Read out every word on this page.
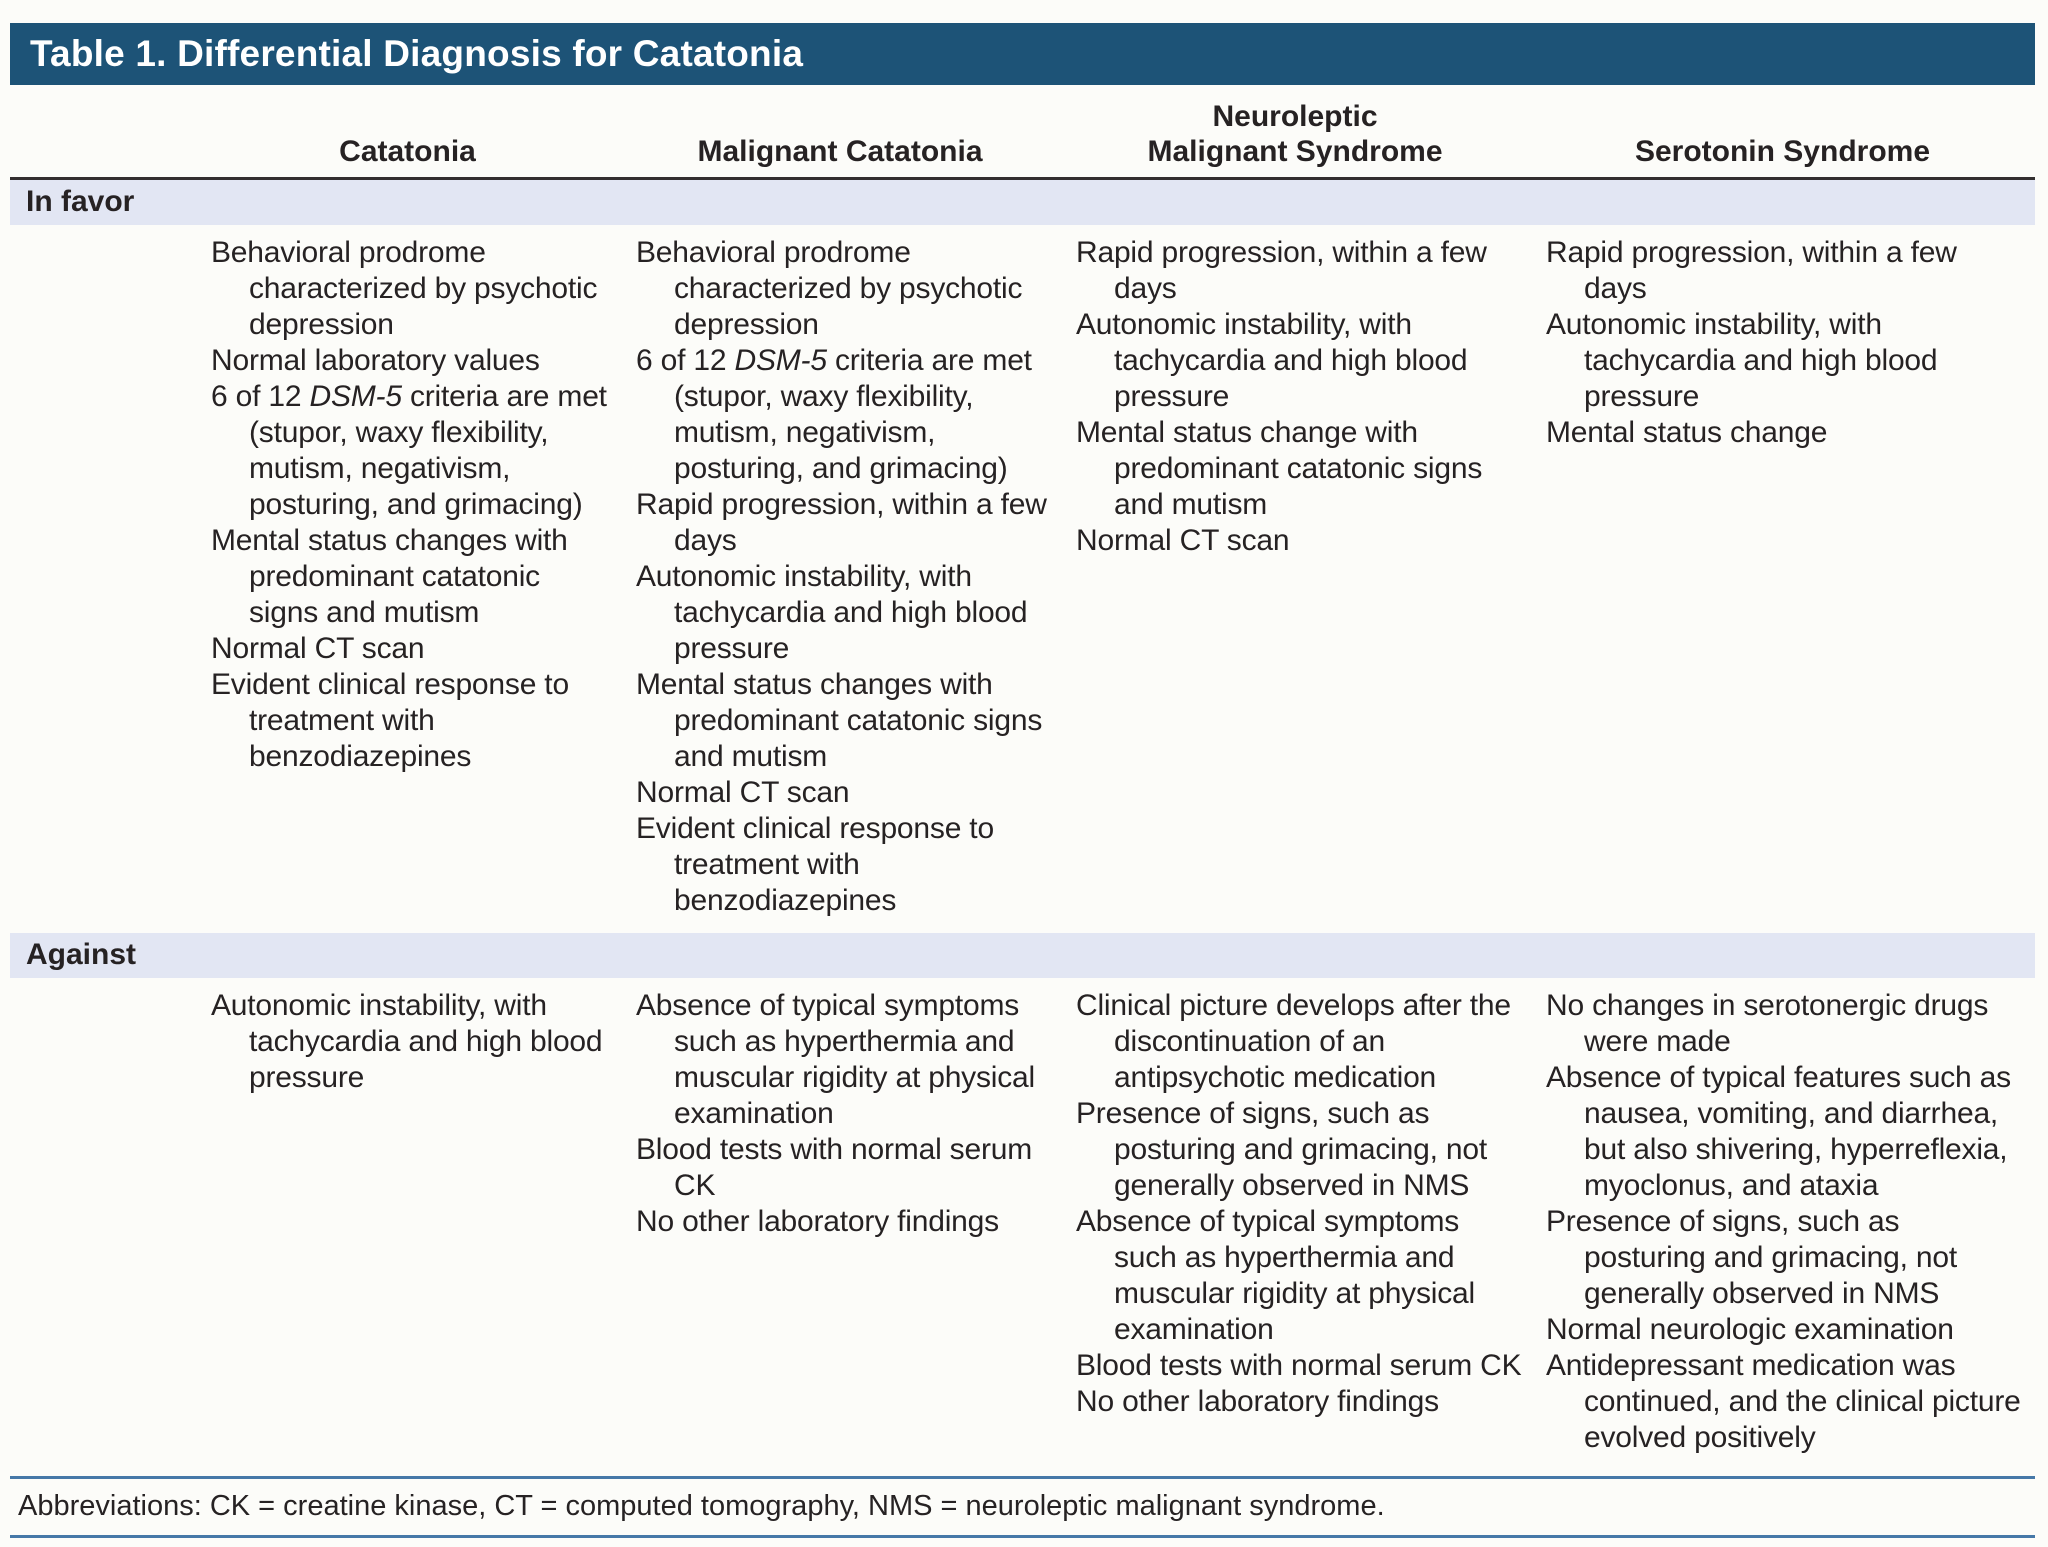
Table 1. Differential Diagnosis for Catatonia
	Catatonia	Malignant Catatonia	Neuroleptic
Malignant Syndrome	Serotonin Syndrome
In favor				

Behavioral prodrome characterized by psychotic depression
Normal laboratory values
6 of 12 DSM-5 criteria are met (stupor, waxy flexibility, mutism, negativism, posturing, and grimacing)
Mental status changes with predominant catatonic signs and mutism
Normal CT scan
Evident clinical response to treatment with benzodiazepines

Behavioral prodrome characterized by psychotic depression
6 of 12 DSM-5 criteria are met (stupor, waxy flexibility, mutism, negativism, posturing, and grimacing)
Rapid progression, within a few days
Autonomic instability, with tachycardia and high blood pressure
Mental status changes with predominant catatonic signs and mutism
Normal CT scan
Evident clinical response to treatment with benzodiazepines

Rapid progression, within a few days
Autonomic instability, with tachycardia and high blood pressure
Mental status change with predominant catatonic signs and mutism
Normal CT scan

Rapid progression, within a few days
Autonomic instability, with tachycardia and high blood pressure
Mental status change

Against				

Autonomic instability, with tachycardia and high blood pressure

Absence of typical symptoms such as hyperthermia and muscular rigidity at physical examination
Blood tests with normal serum CK
No other laboratory findings

Clinical picture develops after the discontinuation of an antipsychotic medication
Presence of signs, such as posturing and grimacing, not generally observed in NMS
Absence of typical symptoms such as hyperthermia and muscular rigidity at physical examination
Blood tests with normal serum CK
No other laboratory findings

No changes in serotonergic drugs were made
Absence of typical features such as nausea, vomiting, and diarrhea, but also shivering, hyperreflexia, myoclonus, and ataxia
Presence of signs, such as posturing and grimacing, not generally observed in NMS
Normal neurologic examination
Antidepressant medication was continued, and the clinical picture evolved positively
Abbreviations: CK = creatine kinase, CT = computed tomography, NMS = neuroleptic malignant syndrome.
